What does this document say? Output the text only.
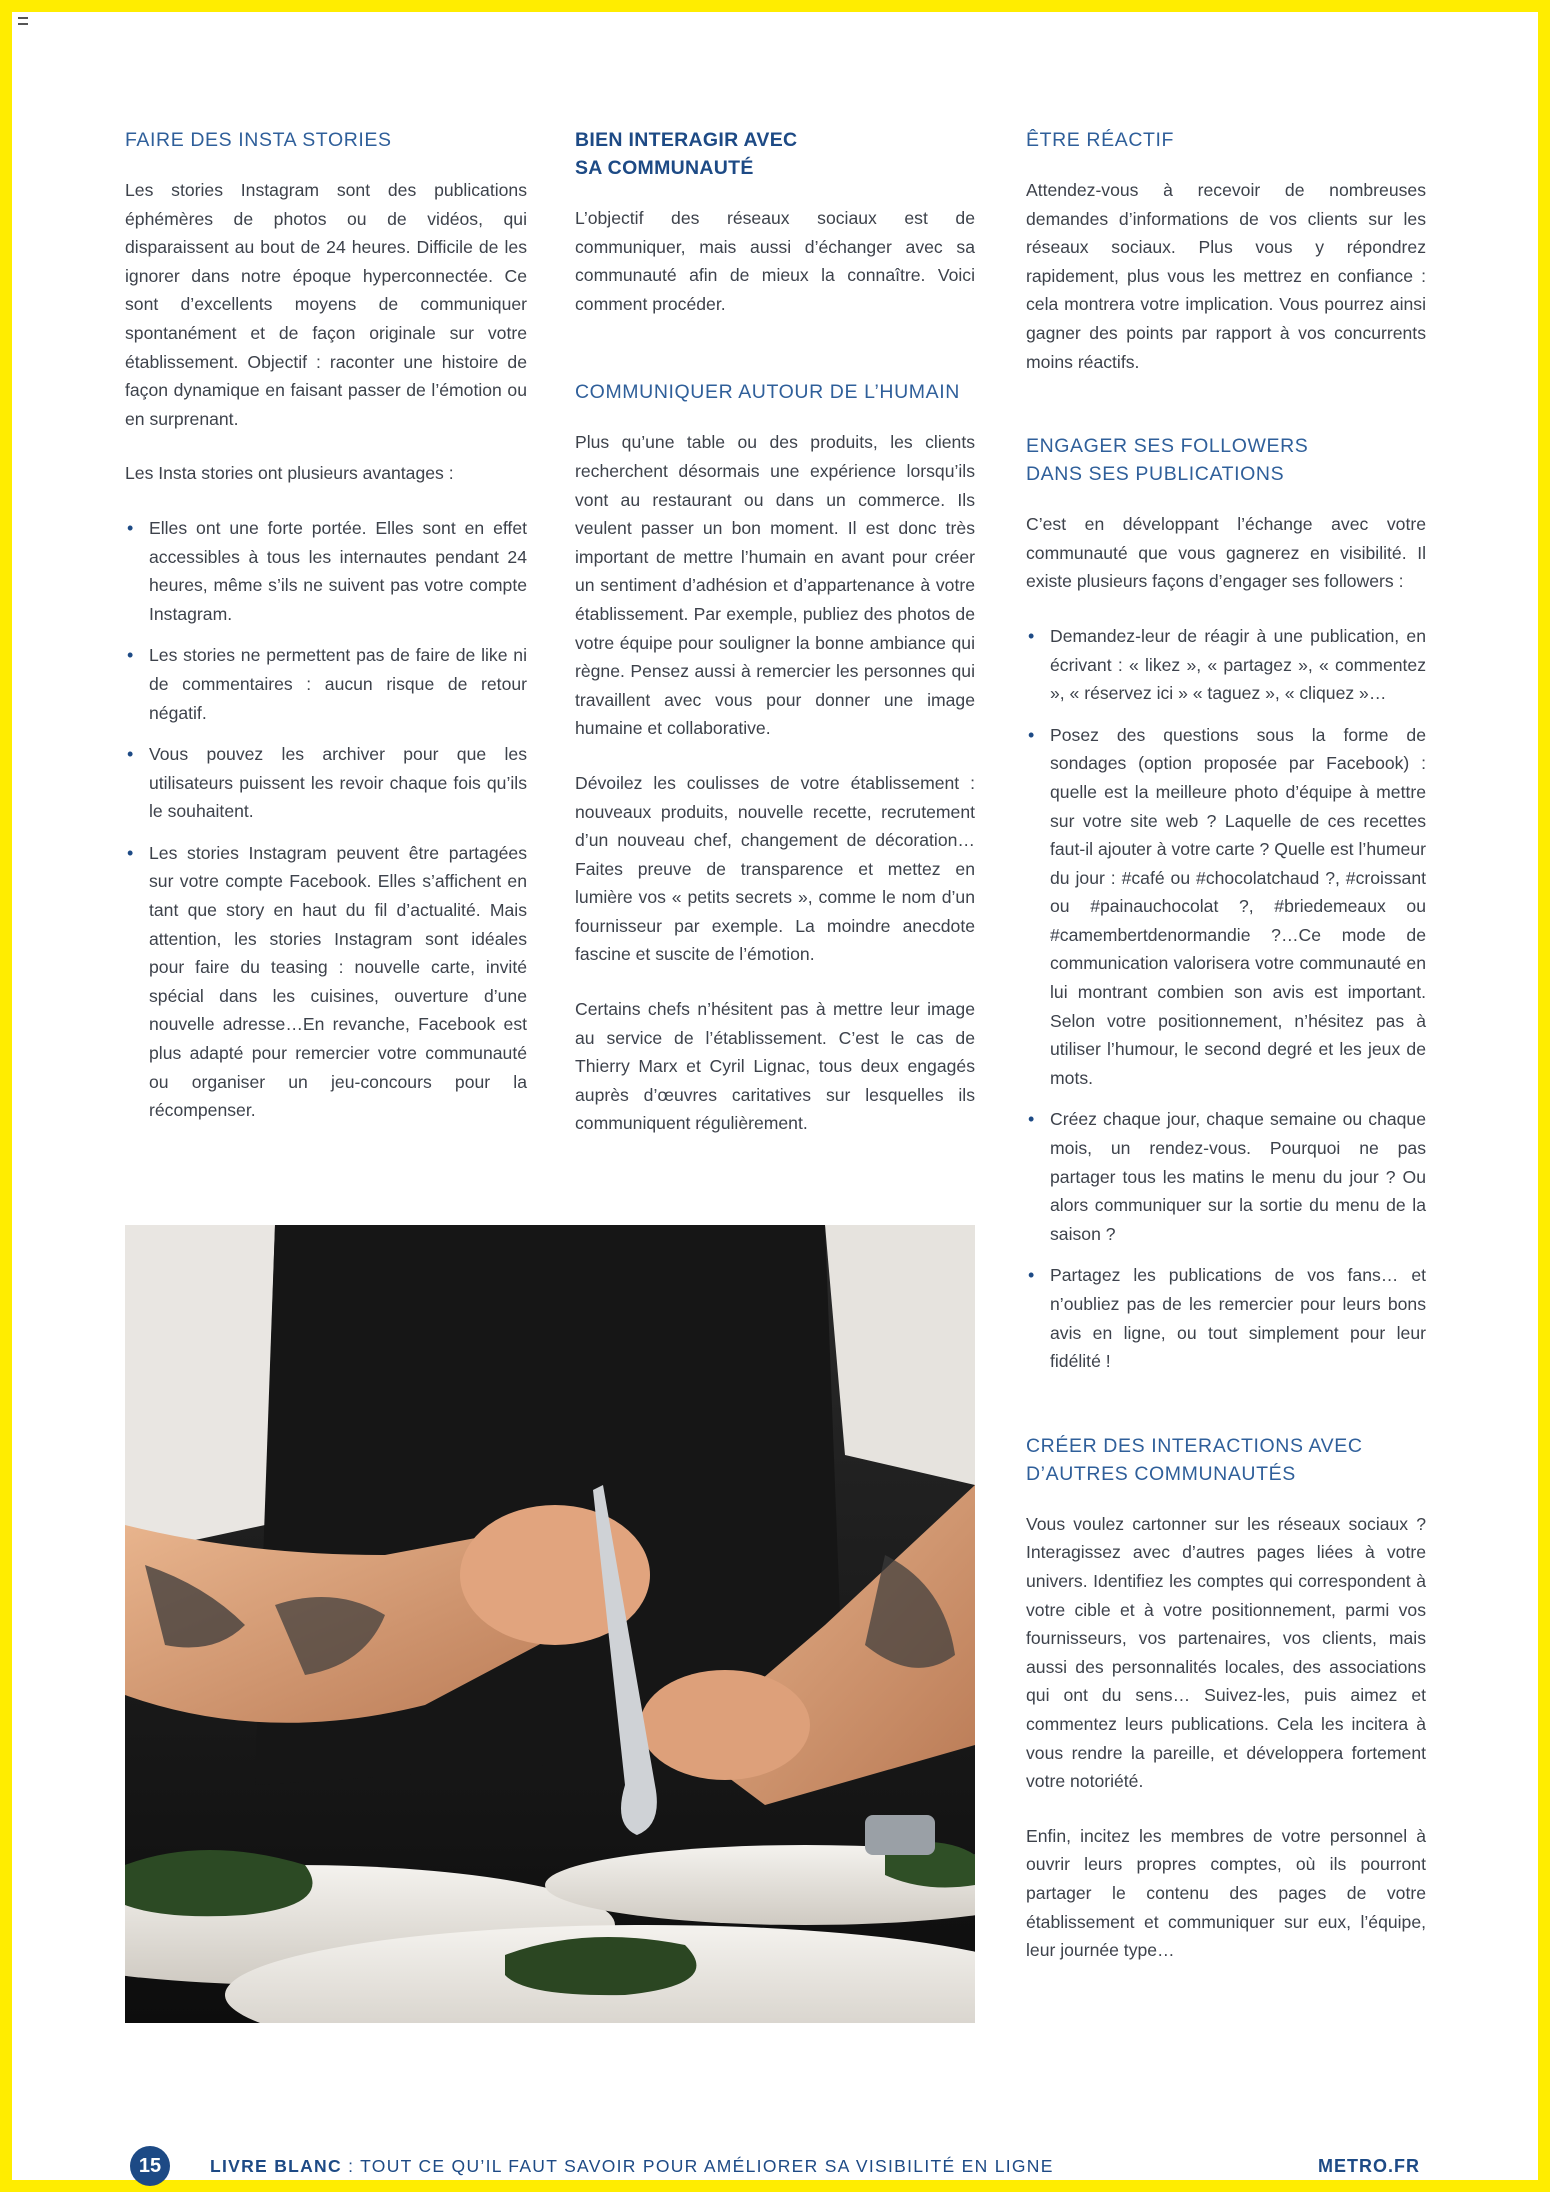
FAIRE DES INSTA STORIES

Les stories Instagram sont des publications éphémères de photos ou de vidéos, qui disparaissent au bout de 24 heures. Difficile de les ignorer dans notre époque hyperconnectée. Ce sont d’excellents moyens de communiquer spontanément et de façon originale sur votre établissement. Objectif : raconter une histoire de façon dynamique en faisant passer de l’émotion ou en surprenant.

Les Insta stories ont plusieurs avantages :

• Elles ont une forte portée. Elles sont en effet accessibles à tous les internautes pendant 24 heures, même s’ils ne suivent pas votre compte Instagram.
• Les stories ne permettent pas de faire de like ni de commentaires : aucun risque de retour négatif.
• Vous pouvez les archiver pour que les utilisateurs puissent les revoir chaque fois qu’ils le souhaitent.
• Les stories Instagram peuvent être partagées sur votre compte Facebook. Elles s’affichent en tant que story en haut du fil d’actualité. Mais attention, les stories Instagram sont idéales pour faire du teasing : nouvelle carte, invité spécial dans les cuisines, ouverture d’une nouvelle adresse…En revanche, Facebook est plus adapté pour remercier votre communauté ou organiser un jeu-concours pour la récompenser.
BIEN INTERAGIR AVEC
SA COMMUNAUTÉ

L’objectif des réseaux sociaux est de communiquer, mais aussi d’échanger avec sa communauté afin de mieux la connaître. Voici comment procéder.

COMMUNIQUER AUTOUR DE L’HUMAIN

Plus qu’une table ou des produits, les clients recherchent désormais une expérience lorsqu’ils vont au restaurant ou dans un commerce. Ils veulent passer un bon moment. Il est donc très important de mettre l’humain en avant pour créer un sentiment d’adhésion et d’appartenance à votre établissement. Par exemple, publiez des photos de votre équipe pour souligner la bonne ambiance qui règne. Pensez aussi à remercier les personnes qui travaillent avec vous pour donner une image humaine et collaborative.

Dévoilez les coulisses de votre établissement : nouveaux produits, nouvelle recette, recrutement d’un nouveau chef, changement de décoration…Faites preuve de transparence et mettez en lumière vos « petits secrets », comme le nom d’un fournisseur par exemple. La moindre anecdote fascine et suscite de l’émotion.

Certains chefs n’hésitent pas à mettre leur image au service de l’établissement. C’est le cas de Thierry Marx et Cyril Lignac, tous deux engagés auprès d’œuvres caritatives sur lesquelles ils communiquent régulièrement.

ÊTRE RÉACTIF

Attendez-vous à recevoir de nombreuses demandes d’informations de vos clients sur les réseaux sociaux. Plus vous y répondrez rapidement, plus vous les mettrez en confiance : cela montrera votre implication. Vous pourrez ainsi gagner des points par rapport à vos concurrents moins réactifs.

ENGAGER SES FOLLOWERS
DANS SES PUBLICATIONS

C’est en développant l’échange avec votre communauté que vous gagnerez en visibilité. Il existe plusieurs façons d’engager ses followers :

• Demandez-leur de réagir à une publication, en écrivant : « likez », « partagez », « commentez », « réservez ici » « taguez », « cliquez »…
• Posez des questions sous la forme de sondages (option proposée par Facebook) : quelle est la meilleure photo d’équipe à mettre sur votre site web ? Laquelle de ces recettes faut-il ajouter à votre carte ? Quelle est l’humeur du jour : #café ou #chocolatchaud ?, #croissant ou #painauchocolat ?, #briedemeaux ou #camembertdenormandie ?…Ce mode de communication valorisera votre communauté en lui montrant combien son avis est important. Selon votre positionnement, n’hésitez pas à utiliser l’humour, le second degré et les jeux de mots.
• Créez chaque jour, chaque semaine ou chaque mois, un rendez-vous. Pourquoi ne pas partager tous les matins le menu du jour ? Ou alors communiquer sur la sortie du menu de la saison ?
• Partagez les publications de vos fans… et n’oubliez pas de les remercier pour leurs bons avis en ligne, ou tout simplement pour leur fidélité !
CRÉER DES INTERACTIONS AVEC
D’AUTRES COMMUNAUTÉS

Vous voulez cartonner sur les réseaux sociaux ? Interagissez avec d’autres pages liées à votre univers. Identifiez les comptes qui correspondent à votre cible et à votre positionnement, parmi vos fournisseurs, vos partenaires, vos clients, mais aussi des personnalités locales, des associations qui ont du sens… Suivez-les, puis aimez et commentez leurs publications. Cela les incitera à vous rendre la pareille, et développera fortement votre notoriété.

Enfin, incitez les membres de votre personnel à ouvrir leurs propres comptes, où ils pourront partager le contenu des pages de votre établissement et communiquer sur eux, l’équipe, leur journée type…

15	LIVRE BLANC : TOUT CE QU’IL FAUT SAVOIR POUR AMÉLIORER SA VISIBILITÉ EN LIGNE	METRO.FR
